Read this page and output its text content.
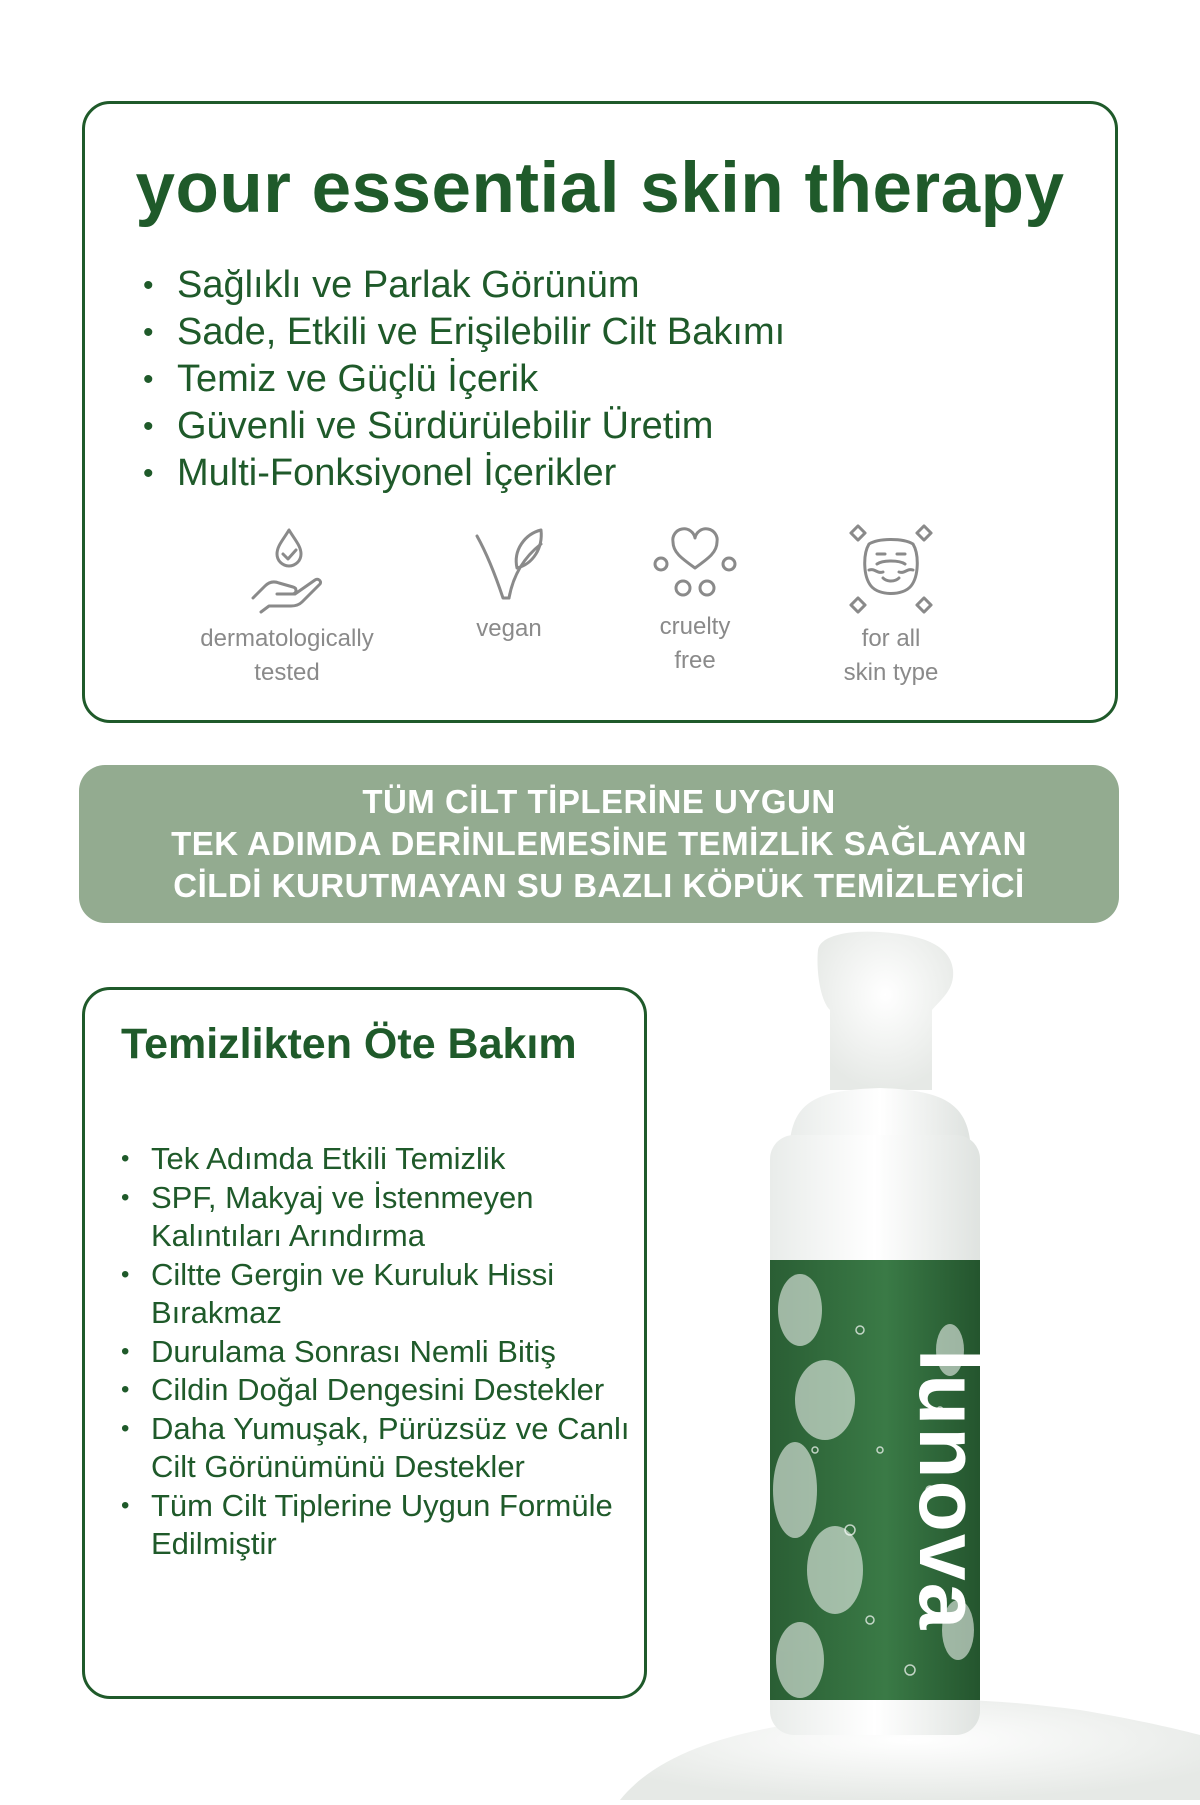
your essential skin therapy
• Sağlıklı ve Parlak Görünüm
• Sade, Etkili ve Erişilebilir Cilt Bakımı
• Temiz ve Güçlü İçerik
• Güvenli ve Sürdürülebilir Üretim
• Multi-Fonksiyonel İçerikler
dermatologically
tested
vegan	cruelty
free
for all
skin type
TÜM CİLT TİPLERİNE UYGUN
TEK ADIMDA DERİNLEMESİNE TEMİZLİK SAĞLAYAN
CİLDİ KURUTMAYAN SU BAZLI KÖPÜK TEMİZLEYİCİ
lunova
Temizlikten Öte Bakım
• Tek Adımda Etkili Temizlik
• SPF, Makyaj ve İstenmeyen Kalıntıları Arındırma
• Ciltte Gergin ve Kuruluk Hissi Bırakmaz
• Durulama Sonrası Nemli Bitiş
• Cildin Doğal Dengesini Destekler
• Daha Yumuşak, Pürüzsüz ve Canlı Cilt Görünümünü Destekler
• Tüm Cilt Tiplerine Uygun Formüle Edilmiştir
